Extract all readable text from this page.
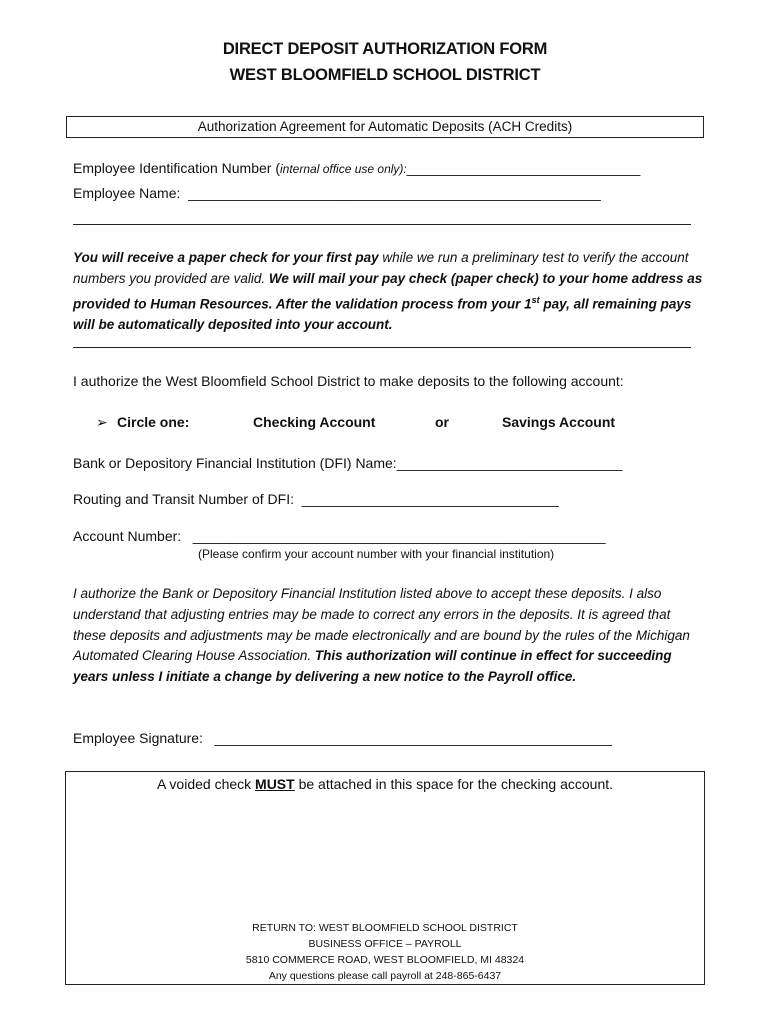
DIRECT DEPOSIT AUTHORIZATION FORM
WEST BLOOMFIELD SCHOOL DISTRICT
Authorization Agreement for Automatic Deposits (ACH Credits)
Employee Identification Number (internal office use only):______________________________
Employee Name: _____________________________________________________
You will receive a paper check for your first pay while we run a preliminary test to verify the account numbers you provided are valid. We will mail your pay check (paper check) to your home address as provided to Human Resources. After the validation process from your 1st pay, all remaining pays will be automatically deposited into your account.
I authorize the West Bloomfield School District to make deposits to the following account:
➢ Circle one:	Checking Account	or	Savings Account
Bank or Depository Financial Institution (DFI) Name:_____________________________
Routing and Transit Number of DFI: _________________________________
Account Number: _____________________________________________________
(Please confirm your account number with your financial institution)
I authorize the Bank or Depository Financial Institution listed above to accept these deposits. I also understand that adjusting entries may be made to correct any errors in the deposits. It is agreed that these deposits and adjustments may be made electronically and are bound by the rules of the Michigan Automated Clearing House Association. This authorization will continue in effect for succeeding years unless I initiate a change by delivering a new notice to the Payroll office.
Employee Signature: ___________________________________________________
A voided check MUST be attached in this space for the checking account.
RETURN TO: WEST BLOOMFIELD SCHOOL DISTRICT
BUSINESS OFFICE – PAYROLL
5810 COMMERCE ROAD, WEST BLOOMFIELD, MI 48324
Any questions please call payroll at 248-865-6437
